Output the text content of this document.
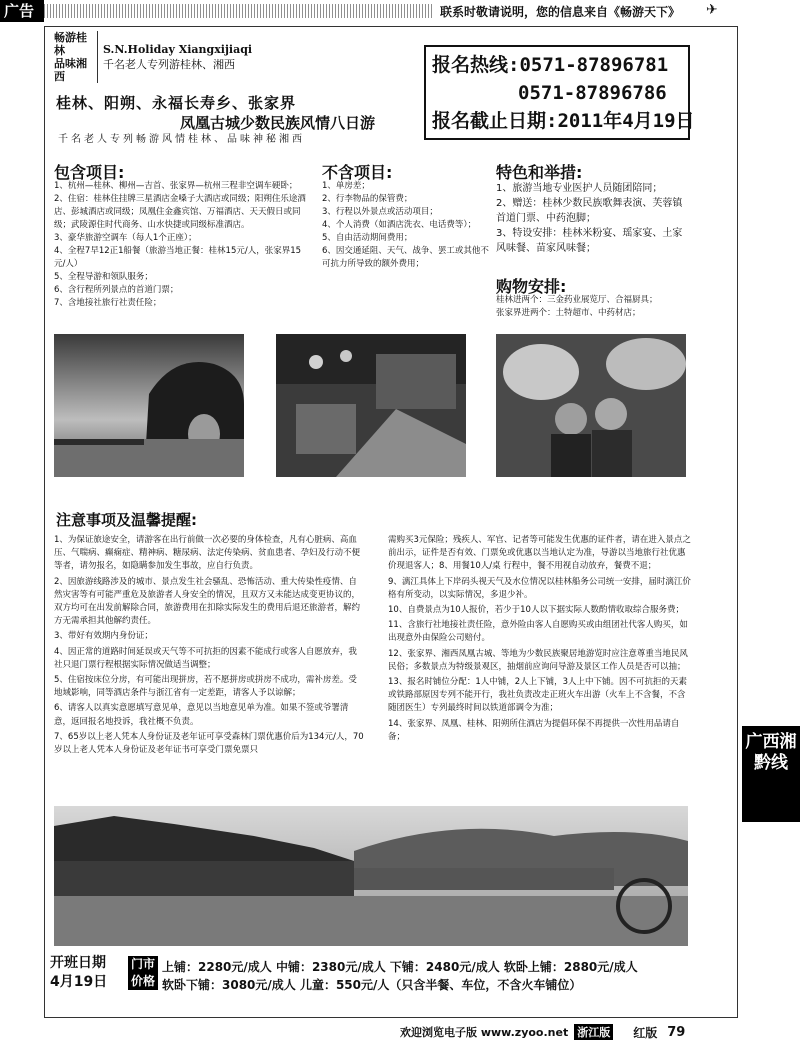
广告	联系时敬请说明，您的信息来自《畅游天下》 ✈
畅游桂林
品味湘西
S.N.Holiday Xiangxijiaqi
千名老人专列游桂林、湘西	报名热线:0571-87896781
0571-87896786
报名截止日期:2011年4月19日
桂林、阳朔、永福长寿乡、张家界
凤凰古城少数民族风情八日游
千名老人专列畅游风情桂林、品味神秘湘西
包含项目:
1、杭州—桂林、柳州—吉首、张家界—杭州三程非空调车硬卧；
2、住宿：桂林住挂牌三星酒店金嗓子大酒店或同级；阳朔住乐途酒店、彭城酒店或同级；凤凰住金鑫宾馆、万福酒店、天天假日或同级；武陵源住时代商务、山水快捷或同级标准酒店。
3、豪华旅游空调车（每人1个正座）；
4、全程7早12正1船餐（旅游当地正餐：桂林15元/人，张家界15元/人）
5、全程导游和领队服务；
6、含行程所列景点的首道门票；
7、含地接社旅行社责任险；
不含项目:
1、单房差；
2、行李物品的保管费；
3、行程以外景点或活动项目；
4、个人消费（如酒店洗衣、电话费等）；
5、自由活动期间费用；
6、因交通延阻、天气、战争、罢工或其他不可抗力所导致的额外费用；
特色和举措:
1、旅游当地专业医护人员随团陪同；
2、赠送：桂林少数民族歌舞表演、芙蓉镇首道门票、中药泡脚；
3、特设安排：桂林米粉宴、瑶家宴、土家风味餐、苗家风味餐；
购物安排:
桂林进两个：三金药业展览厅、合福厨具；
张家界进两个：土特超市、中药材店；
注意事项及温馨提醒:
1、为保证旅途安全，请游客在出行前做一次必要的身体检查，凡有心脏病、高血压、气喘病、癫痫症、精神病、糖尿病、法定传染病、贫血患者、孕妇及行动不便等者，请勿报名，如隐瞒参加发生事故，应自行负责。
2、因旅游线路涉及的城市、景点发生社会骚乱、恐怖活动、重大传染性疫情、自然灾害等有可能严重危及旅游者人身安全的情况，且双方又未能达成变更协议的，双方均可在出发前解除合同，旅游费用在扣除实际发生的费用后退还旅游者，解约方无需承担其他解约责任。
3、带好有效期内身份证；
4、因正常的道路时间延误或天气等不可抗拒的因素不能成行或客人自愿放弃，我社只退门票行程根据实际情况做适当调整；
5、住宿按床位分房，有可能出现拼房，若不愿拼房或拼房不成功，需补房差。受地域影响，同等酒店条件与浙江省有一定差距，请客人予以谅解；
6、请客人以真实意愿填写意见单，意见以当地意见单为准。如果不签或爷署清意，返回报名地投诉，我社概不负责。
7、65岁以上老人凭本人身份证及老年证可享受森林门票优惠价后为134元/人，70岁以上老人凭本人身份证及老年证书可享受门票免票只
需购买3元保险；残疾人、军官、记者等可能发生优惠的证件者，请在进入景点之前出示，证件是否有效、门票免或优惠以当地认定为准，导游以当地旅行社优惠价现退客人；8、用餐10人/桌 行程中，餐不用视自动放弃，餐费不退；
9、漓江具体上下岸码头视天气及水位情况以桂林船务公司统一安排，届时漓江价格有所变动，以实际情况，多退少补。
10、自费景点为10人报价，若少于10人以下据实际人数酌情收取综合服务费；
11、含旅行社地接社责任险，意外险由客人自愿购买或由组团社代客人购买，如出现意外由保险公司赔付。
12、张家界、湘西凤凰古城、等地为少数民族聚居地游览时应注意尊重当地民风民俗；多数景点为特级景观区，抽烟前应询问导游及景区工作人员是否可以抽；
13、报名时铺位分配：1人中铺，2人上下铺，3人上中下铺。因不可抗拒的天素或铁路部原因专列不能开行，我社负责改走正班火车出游（火车上不含餐，不含随团医生）专列最终时间以铁道部调令为准；
14、张家界、凤凰、桂林、阳朔所住酒店为提倡环保不再提供一次性用品请自备；	广西湘黔线
开班日期
4月19日
门市
价格
上铺：2280元/成人 中铺：2380元/成人 下铺：2480元/成人 软卧上铺：2880元/成人
软卧下铺：3080元/成人 儿童：550元/人（只含半餐、车位，不含火车铺位）
欢迎浏览电子版 www.zyoo.net 浙江版 红版 79
